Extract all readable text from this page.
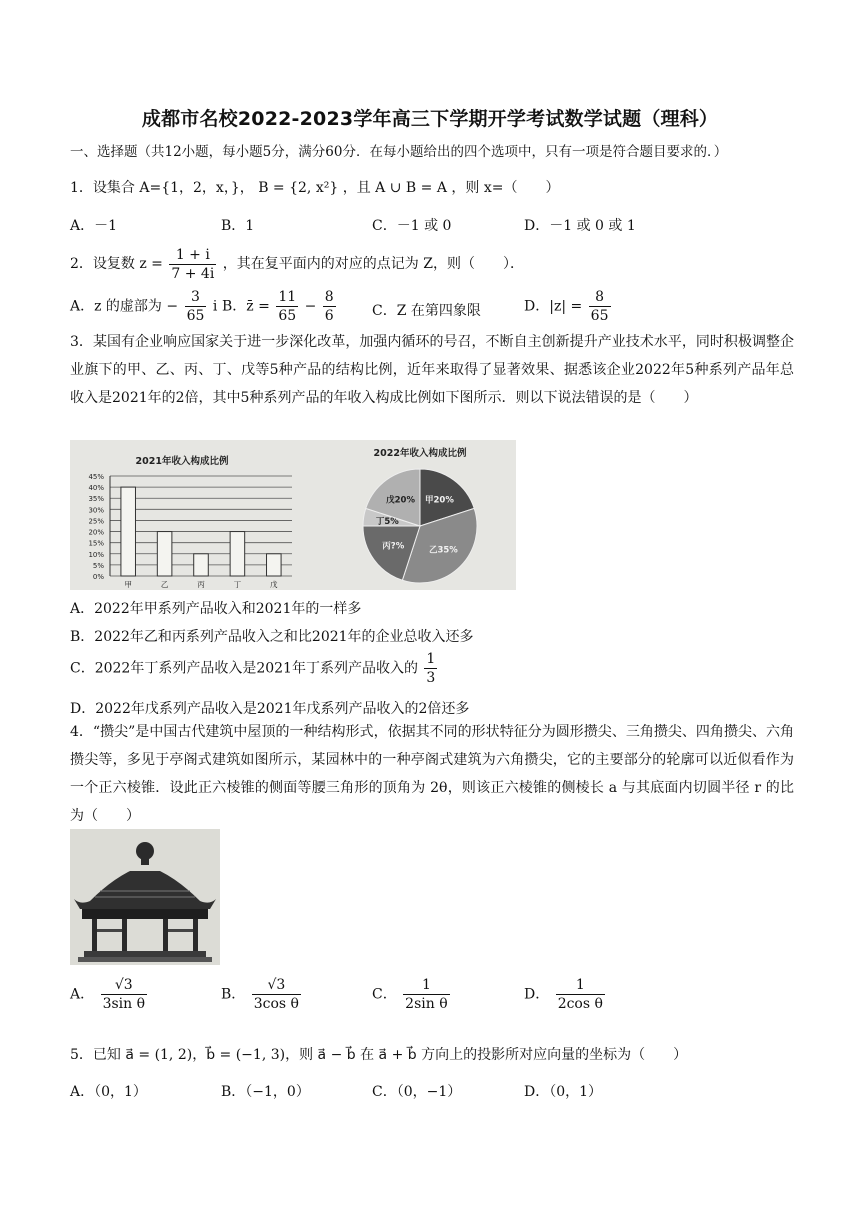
成都市名校2022-2023学年高三下学期开学考试数学试题（理科）
一、选择题（共12小题，每小题5分，满分60分．在每小题给出的四个选项中，只有一项是符合题目要求的．）
1．设集合 A={1，2，x，}， B = {2, x²} ，且 A ∪ B = A ，则 x=（　　）
A．－1	B．1	C．－1 或 0	D．－1 或 0 或 1
2．设复数 $z = \frac{1 + i}{7 + 4i}$ ，其在复平面内的对应的点记为 Z，则（　　）．
A．z 的虚部为 − $\frac{3}{65}$ i B．z̄ = $\frac{11}{65} - \frac{8}{6}$	C．Z 在第四象限	D．$|z| = \frac{8}{65}$
3．某国有企业响应国家关于进一步深化改革，加强内循环的号召，不断自主创新提升产业技术水平，同时积极调整企业旗下的甲、乙、丙、丁、戊等5种产品的结构比例，近年来取得了显著效果、据悉该企业2022年5种系列产品年总收入是2021年的2倍，其中5种系列产品的年收入构成比例如下图所示．则以下说法错误的是（　　）
2021年收入构成比例
0%
5%
10%
15%
20%
25%
30%
35%
40%
45%
甲	乙	丙	丁	戊
2022年收入构成比例
甲20%
乙35%
丙?%
丁5%
戊20%
A．2022年甲系列产品收入和2021年的一样多
B．2022年乙和丙系列产品收入之和比2021年的企业总收入还多
C．2022年丁系列产品收入是2021年丁系列产品收入的 $\frac{1}{3}$
D．2022年戊系列产品收入是2021年戊系列产品收入的2倍还多
4．“攒尖”是中国古代建筑中屋顶的一种结构形式，依据其不同的形状特征分为圆形攒尖、三角攒尖、四角攒尖、六角攒尖等，多见于亭阁式建筑如图所示，某园林中的一种亭阁式建筑为六角攒尖，它的主要部分的轮廓可以近似看作为一个正六棱锥．设此正六棱锥的侧面等腰三角形的顶角为 2θ，则该正六棱锥的侧棱长 a 与其底面内切圆半径 r 的比为（　　）
A． $\frac{√3}{\text{3sin θ}}$	B． $\frac{√3}{\text{3cos θ}}$	C． $\frac{1}{\text{2sin θ}}$	D． $\frac{1}{\text{2cos θ}}$
5．已知 a⃗ = (1, 2)，b⃗ = (−1, 3)，则 a⃗ − b⃗ 在 a⃗ + b⃗ 方向上的投影所对应向量的坐标为（　　）
A．（0，1）	B．（−1，0）	C．（0，−1）	D．（0，1）
